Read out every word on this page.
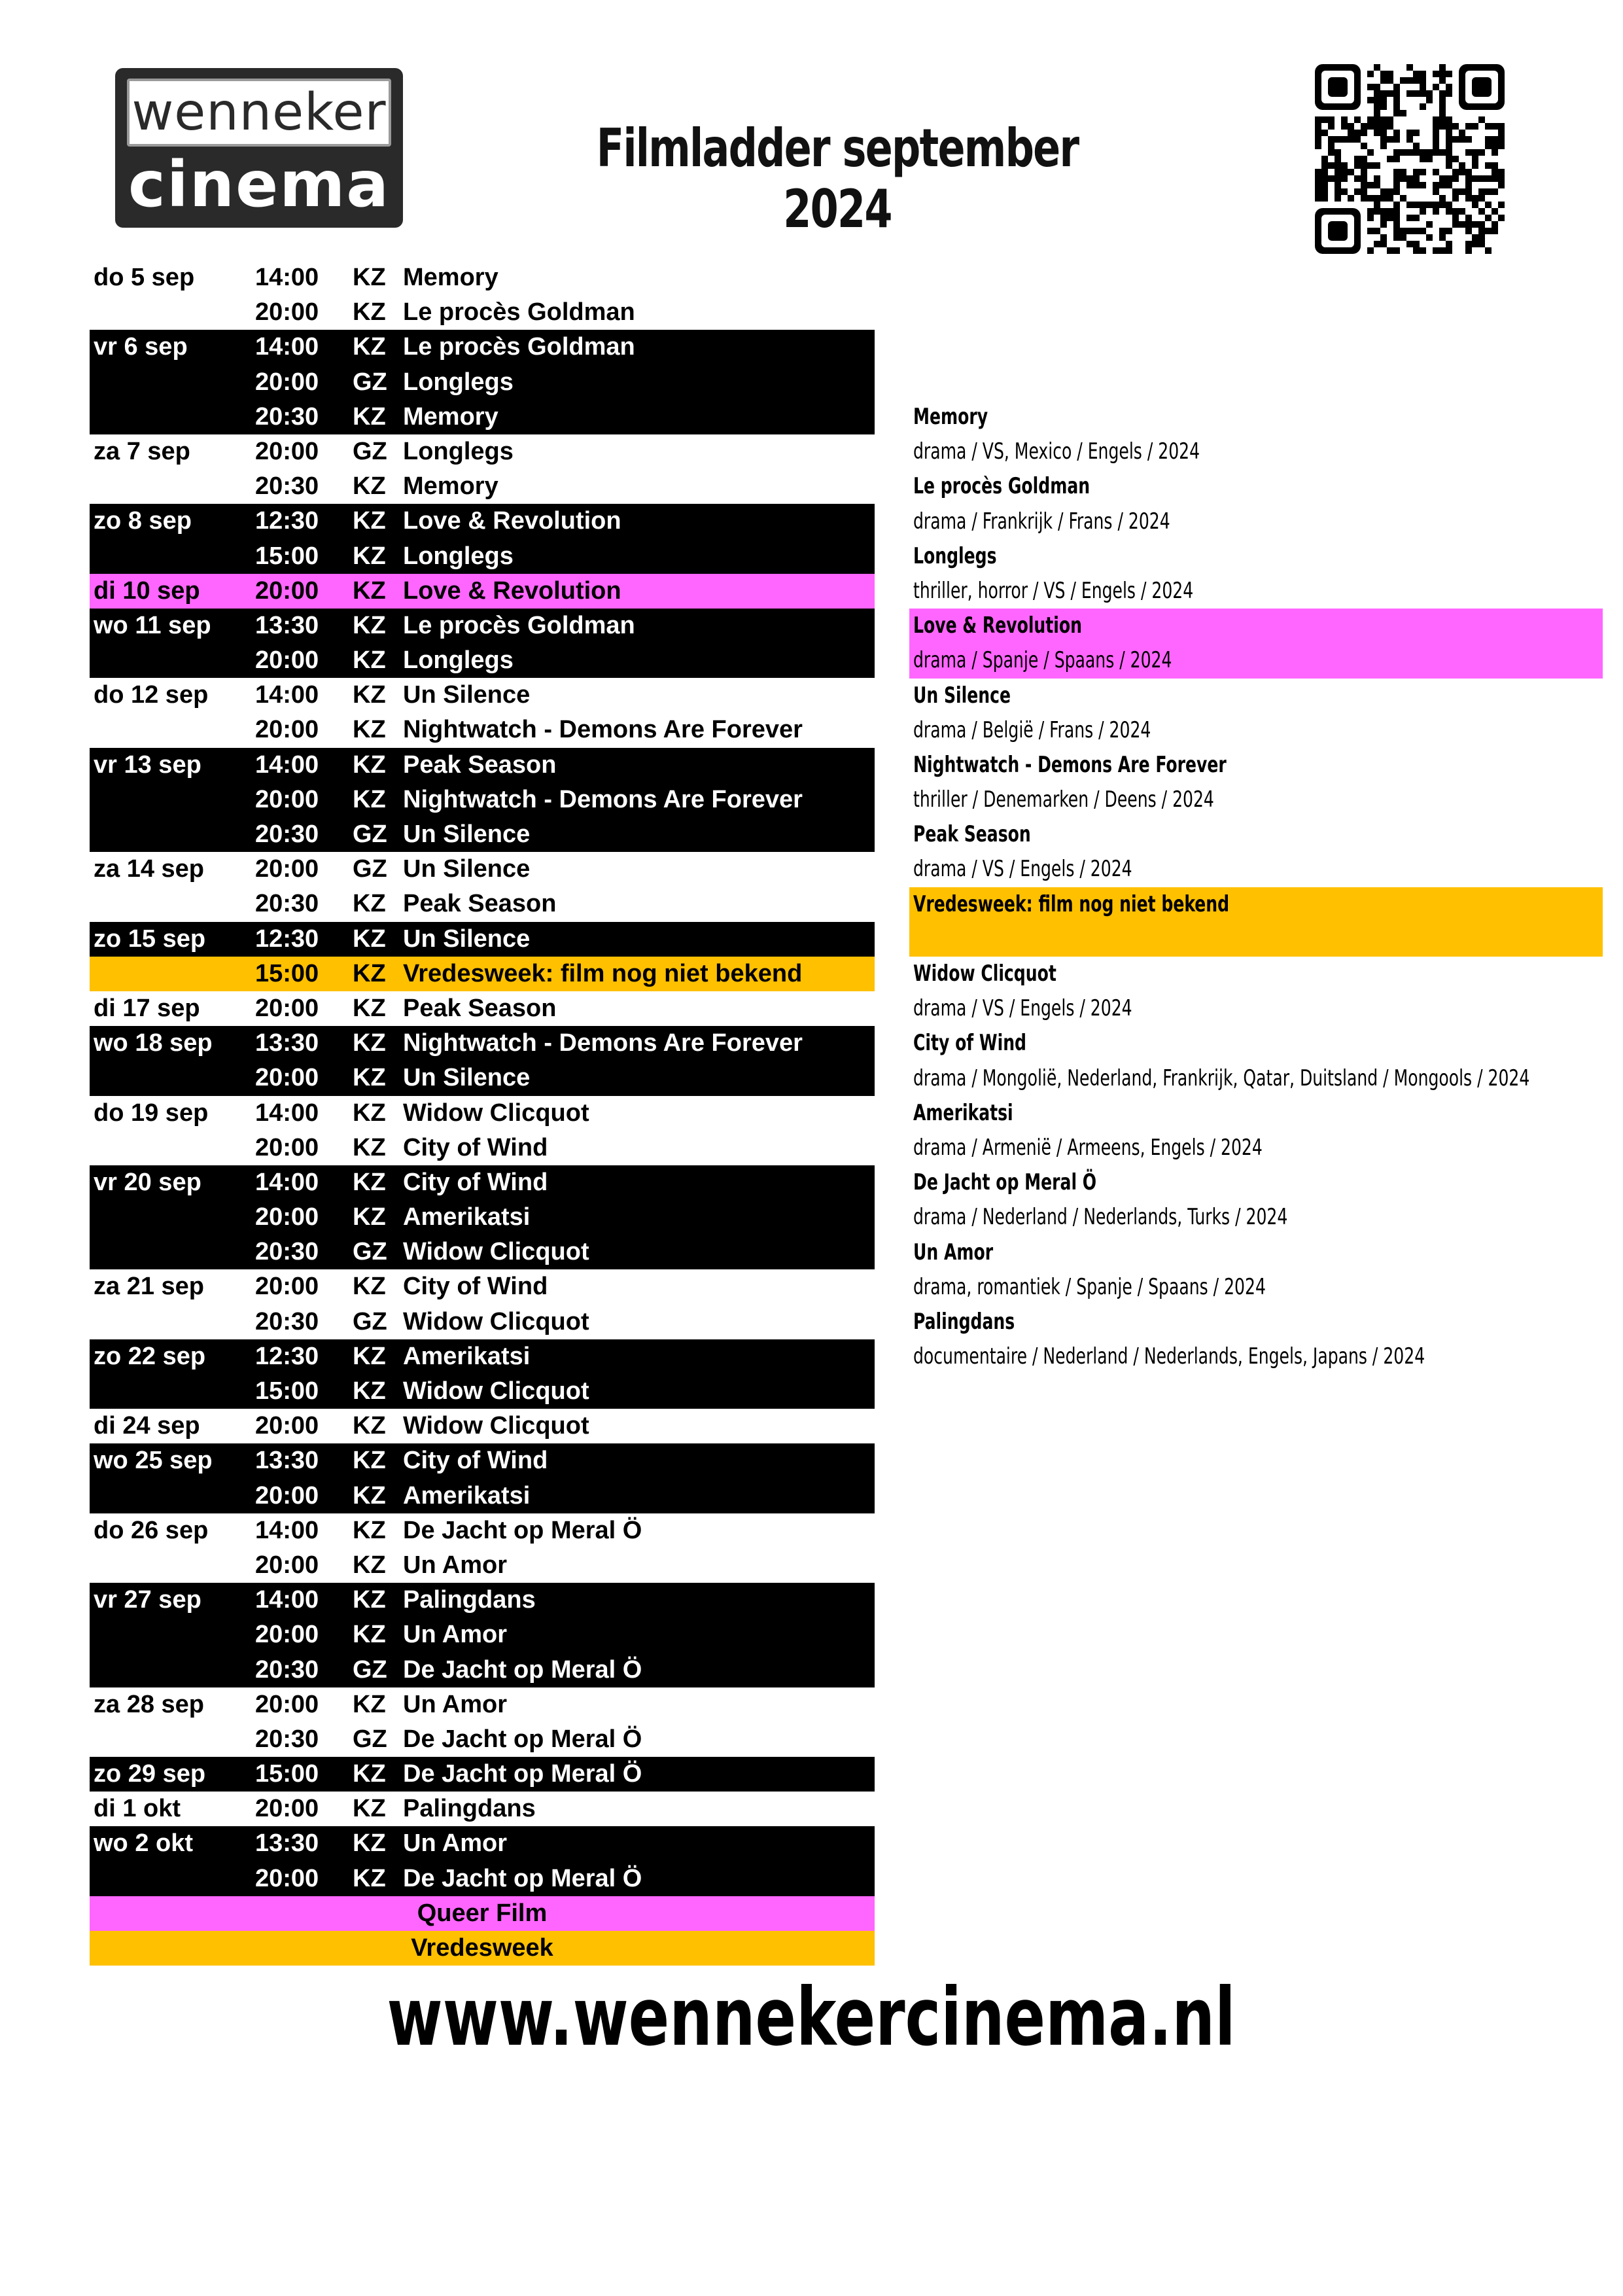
wenneker
cinema	Filmladder september 2024
do 5 sep 14:00 KZ Memory
20:00 KZ Le procès Goldman
vr 6 sep	14:00 KZ Le procès Goldman
20:00 GZ Longlegs
20:30 KZ Memory
za 7 sep	20:00 GZ Longlegs
20:30 KZ Memory
zo 8 sep	12:30 KZ Love & Revolution
15:00 KZ Longlegs
di 10 sep 20:00 KZ Love & Revolution
wo 11 sep 13:30 KZ Le procès Goldman
20:00 KZ Longlegs
do 12 sep 14:00 KZ Un Silence
20:00 KZ Nightwatch - Demons Are Forever
vr 13 sep 14:00 KZ Peak Season
20:00 KZ Nightwatch - Demons Are Forever
20:30 GZ Un Silence
za 14 sep 20:00 GZ Un Silence
20:30 KZ Peak Season
zo 15 sep 12:30 KZ Un Silence
15:00 KZ Vredesweek: film nog niet bekend
di 17 sep 20:00 KZ Peak Season
wo 18 sep 13:30 KZ Nightwatch - Demons Are Forever
20:00 KZ Un Silence
do 19 sep 14:00 KZ Widow Clicquot
20:00 KZ City of Wind
vr 20 sep 14:00 KZ City of Wind
20:00 KZ Amerikatsi
20:30 GZ Widow Clicquot
za 21 sep 20:00 KZ City of Wind
20:30 GZ Widow Clicquot
zo 22 sep 12:30 KZ Amerikatsi
15:00 KZ Widow Clicquot
di 24 sep 20:00 KZ Widow Clicquot
wo 25 sep 13:30 KZ City of Wind
20:00 KZ Amerikatsi
do 26 sep 14:00 KZ De Jacht op Meral Ö
20:00 KZ Un Amor
vr 27 sep 14:00 KZ Palingdans
20:00 KZ Un Amor
20:30 GZ De Jacht op Meral Ö
za 28 sep 20:00 KZ Un Amor
20:30 GZ De Jacht op Meral Ö
zo 29 sep 15:00 KZ De Jacht op Meral Ö
di 1 okt	20:00 KZ Palingdans
wo 2 okt 13:30 KZ Un Amor
20:00 KZ De Jacht op Meral Ö
Queer Film
Vredesweek
Memory
drama / VS, Mexico / Engels / 2024
Le procès Goldman
drama / Frankrijk / Frans / 2024
Longlegs
thriller, horror / VS / Engels / 2024
Love & Revolution
drama / Spanje / Spaans / 2024
Un Silence
drama / België / Frans / 2024
Nightwatch - Demons Are Forever
thriller / Denemarken / Deens / 2024
Peak Season
drama / VS / Engels / 2024
Vredesweek: film nog niet bekend
Widow Clicquot
drama / VS / Engels / 2024
City of Wind
drama / Mongolië, Nederland, Frankrijk, Qatar, Duitsland / Mongools / 2024
Amerikatsi
drama / Armenië / Armeens, Engels / 2024
De Jacht op Meral Ö
drama / Nederland / Nederlands, Turks / 2024
Un Amor
drama, romantiek / Spanje / Spaans / 2024
Palingdans
documentaire / Nederland / Nederlands, Engels, Japans / 2024
www.wennekercinema.nl
